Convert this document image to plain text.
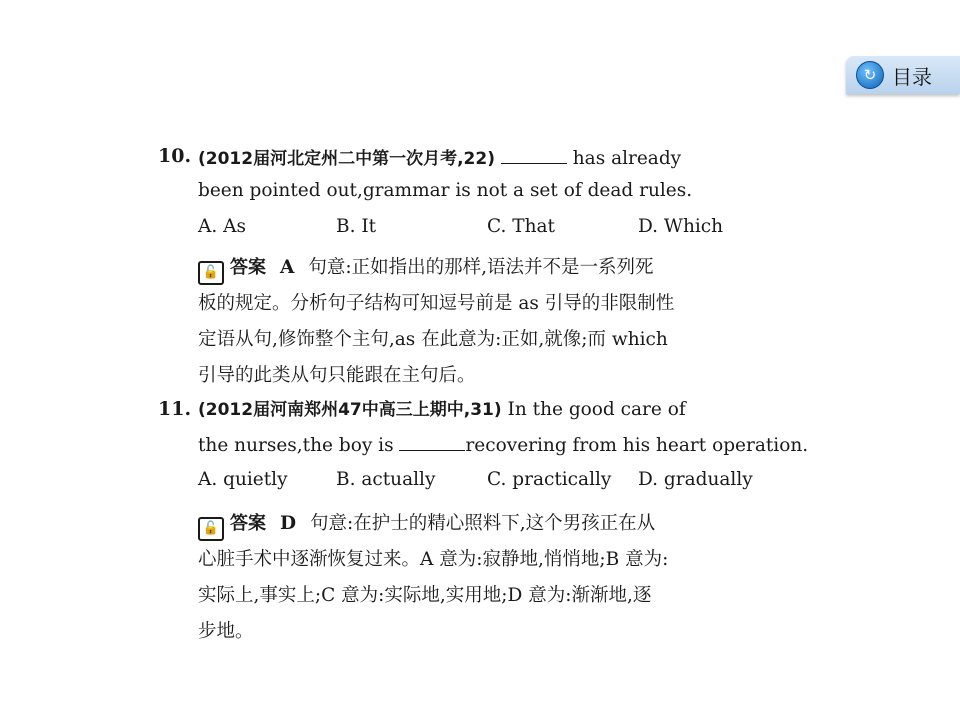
↻ 目录
10. (2012届河北定州二中第一次月考,22)	has already
been pointed out,grammar is not a set of dead rules.
A. As	B. It	C. That	D. Which
🔓 答案 A 句意:正如指出的那样,语法并不是一系列死
板的规定。分析句子结构可知逗号前是 as 引导的非限制性
定语从句,修饰整个主句,as 在此意为:正如,就像;而 which
引导的此类从句只能跟在主句后。
11. (2012届河南郑州47中高三上期中,31) In the good care of
the nurses,the boy is	recovering from his heart operation.
A. quietly	B. actually	C. practically D. gradually
🔓 答案 D 句意:在护士的精心照料下,这个男孩正在从
心脏手术中逐渐恢复过来。A 意为:寂静地,悄悄地;B 意为:
实际上,事实上;C 意为:实际地,实用地;D 意为:渐渐地,逐
步地。
